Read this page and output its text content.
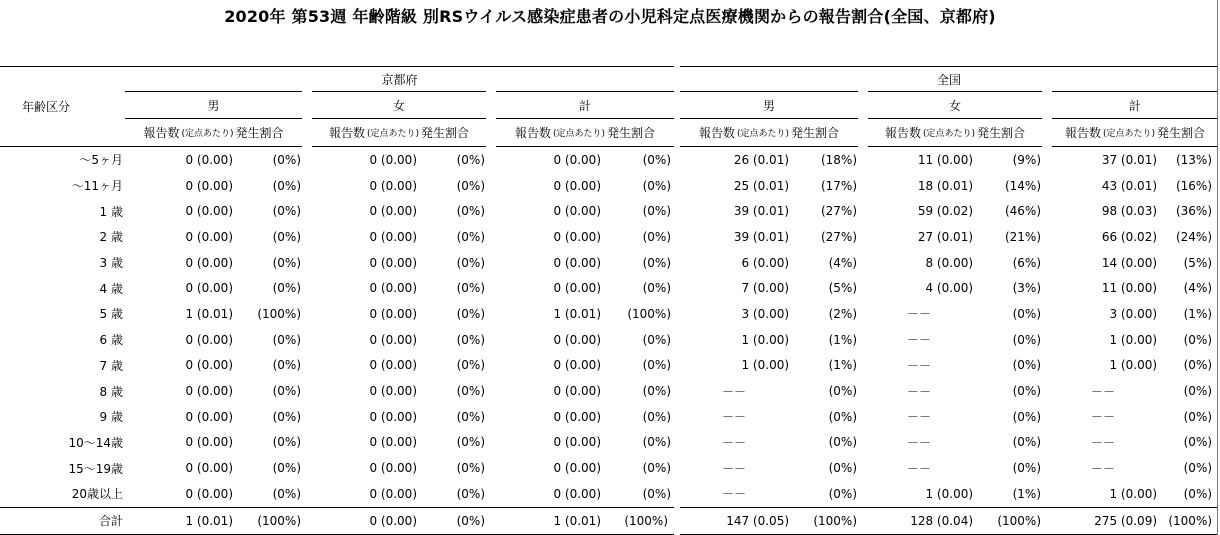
2020年 第53週 年齢階級 別RSウイルス感染症患者の小児科定点医療機関からの報告割合(全国、京都府)
年齢区分	京都府						全国					
	男		女		計		男		女		計	

	報告数 (定点あたり) 発生割合		報告数 (定点あたり) 発生割合		報告数 (定点あたり) 発生割合		報告数 (定点あたり) 発生割合		報告数 (定点あたり) 発生割合		報告数 (定点あたり) 発生割合	

〜5ヶ月	0 (0.00)	(0%)	0 (0.00)	(0%)	0 (0.00)	(0%)	26 (0.01)	(18%)	11 (0.00)	(9%)	37 (0.01)	(13%)
〜11ヶ月	0 (0.00)	(0%)	0 (0.00)	(0%)	0 (0.00)	(0%)	25 (0.01)	(17%)	18 (0.01)	(14%)	43 (0.01)	(16%)
1 歳	0 (0.00)	(0%)	0 (0.00)	(0%)	0 (0.00)	(0%)	39 (0.01)	(27%)	59 (0.02)	(46%)	98 (0.03)	(36%)
2 歳	0 (0.00)	(0%)	0 (0.00)	(0%)	0 (0.00)	(0%)	39 (0.01)	(27%)	27 (0.01)	(21%)	66 (0.02)	(24%)
3 歳	0 (0.00)	(0%)	0 (0.00)	(0%)	0 (0.00)	(0%)	6 (0.00)	(4%)	8 (0.00)	(6%)	14 (0.00)	(5%)
4 歳	0 (0.00)	(0%)	0 (0.00)	(0%)	0 (0.00)	(0%)	7 (0.00)	(5%)	4 (0.00)	(3%)	11 (0.00)	(4%)
5 歳	1 (0.01)	(100%)	0 (0.00)	(0%)	1 (0.01)	(100%)	3 (0.00)	(2%)	－－	(0%)	3 (0.00)	(1%)
6 歳	0 (0.00)	(0%)	0 (0.00)	(0%)	0 (0.00)	(0%)	1 (0.00)	(1%)	－－	(0%)	1 (0.00)	(0%)
7 歳	0 (0.00)	(0%)	0 (0.00)	(0%)	0 (0.00)	(0%)	1 (0.00)	(1%)	－－	(0%)	1 (0.00)	(0%)
8 歳	0 (0.00)	(0%)	0 (0.00)	(0%)	0 (0.00)	(0%)	－－	(0%)	－－	(0%)	－－	(0%)
9 歳	0 (0.00)	(0%)	0 (0.00)	(0%)	0 (0.00)	(0%)	－－	(0%)	－－	(0%)	－－	(0%)
10〜14歳	0 (0.00)	(0%)	0 (0.00)	(0%)	0 (0.00)	(0%)	－－	(0%)	－－	(0%)	－－	(0%)
15〜19歳	0 (0.00)	(0%)	0 (0.00)	(0%)	0 (0.00)	(0%)	－－	(0%)	－－	(0%)	－－	(0%)
20歳以上	0 (0.00)	(0%)	0 (0.00)	(0%)	0 (0.00)	(0%)	－－	(0%)	1 (0.00)	(1%)	1 (0.00)	(0%)
合計	1 (0.01)	(100%)	0 (0.00)	(0%)	1 (0.01)	(100%)	147 (0.05)	(100%)	128 (0.04)	(100%)	275 (0.09)	(100%)
